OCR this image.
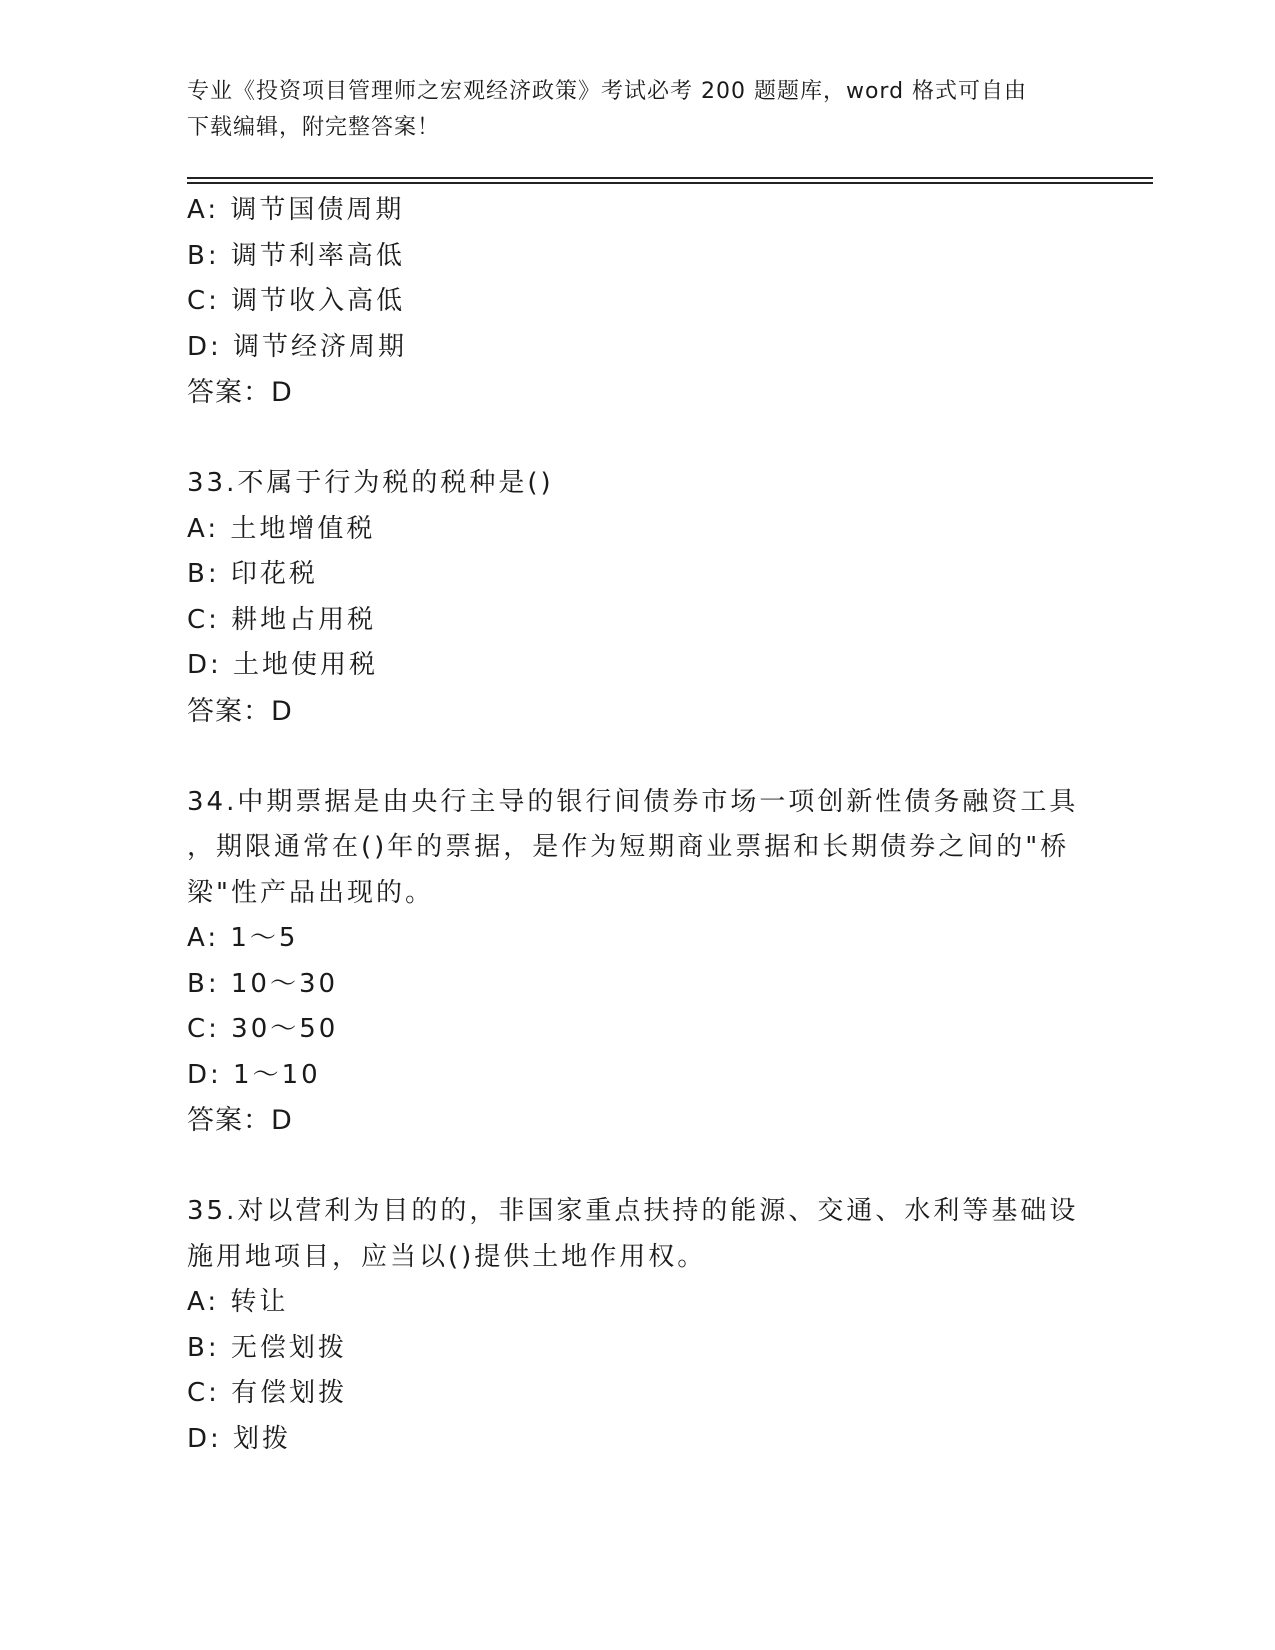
专业《投资项目管理师之宏观经济政策》考试必考 200 题题库，word 格式可自由
下载编辑，附完整答案！
A: 调节国债周期
B: 调节利率高低
C: 调节收入高低
D: 调节经济周期
答案：D
33.不属于行为税的税种是()
A: 土地增值税
B: 印花税
C: 耕地占用税
D: 土地使用税
答案：D
34.中期票据是由央行主导的银行间债券市场一项创新性债务融资工具
，期限通常在()年的票据，是作为短期商业票据和长期债券之间的"桥
梁"性产品出现的。
A: 1～5
B: 10～30
C: 30～50
D: 1～10
答案：D
35.对以营利为目的的，非国家重点扶持的能源、交通、水利等基础设
施用地项目，应当以()提供土地作用权。
A: 转让
B: 无偿划拨
C: 有偿划拨
D: 划拨
